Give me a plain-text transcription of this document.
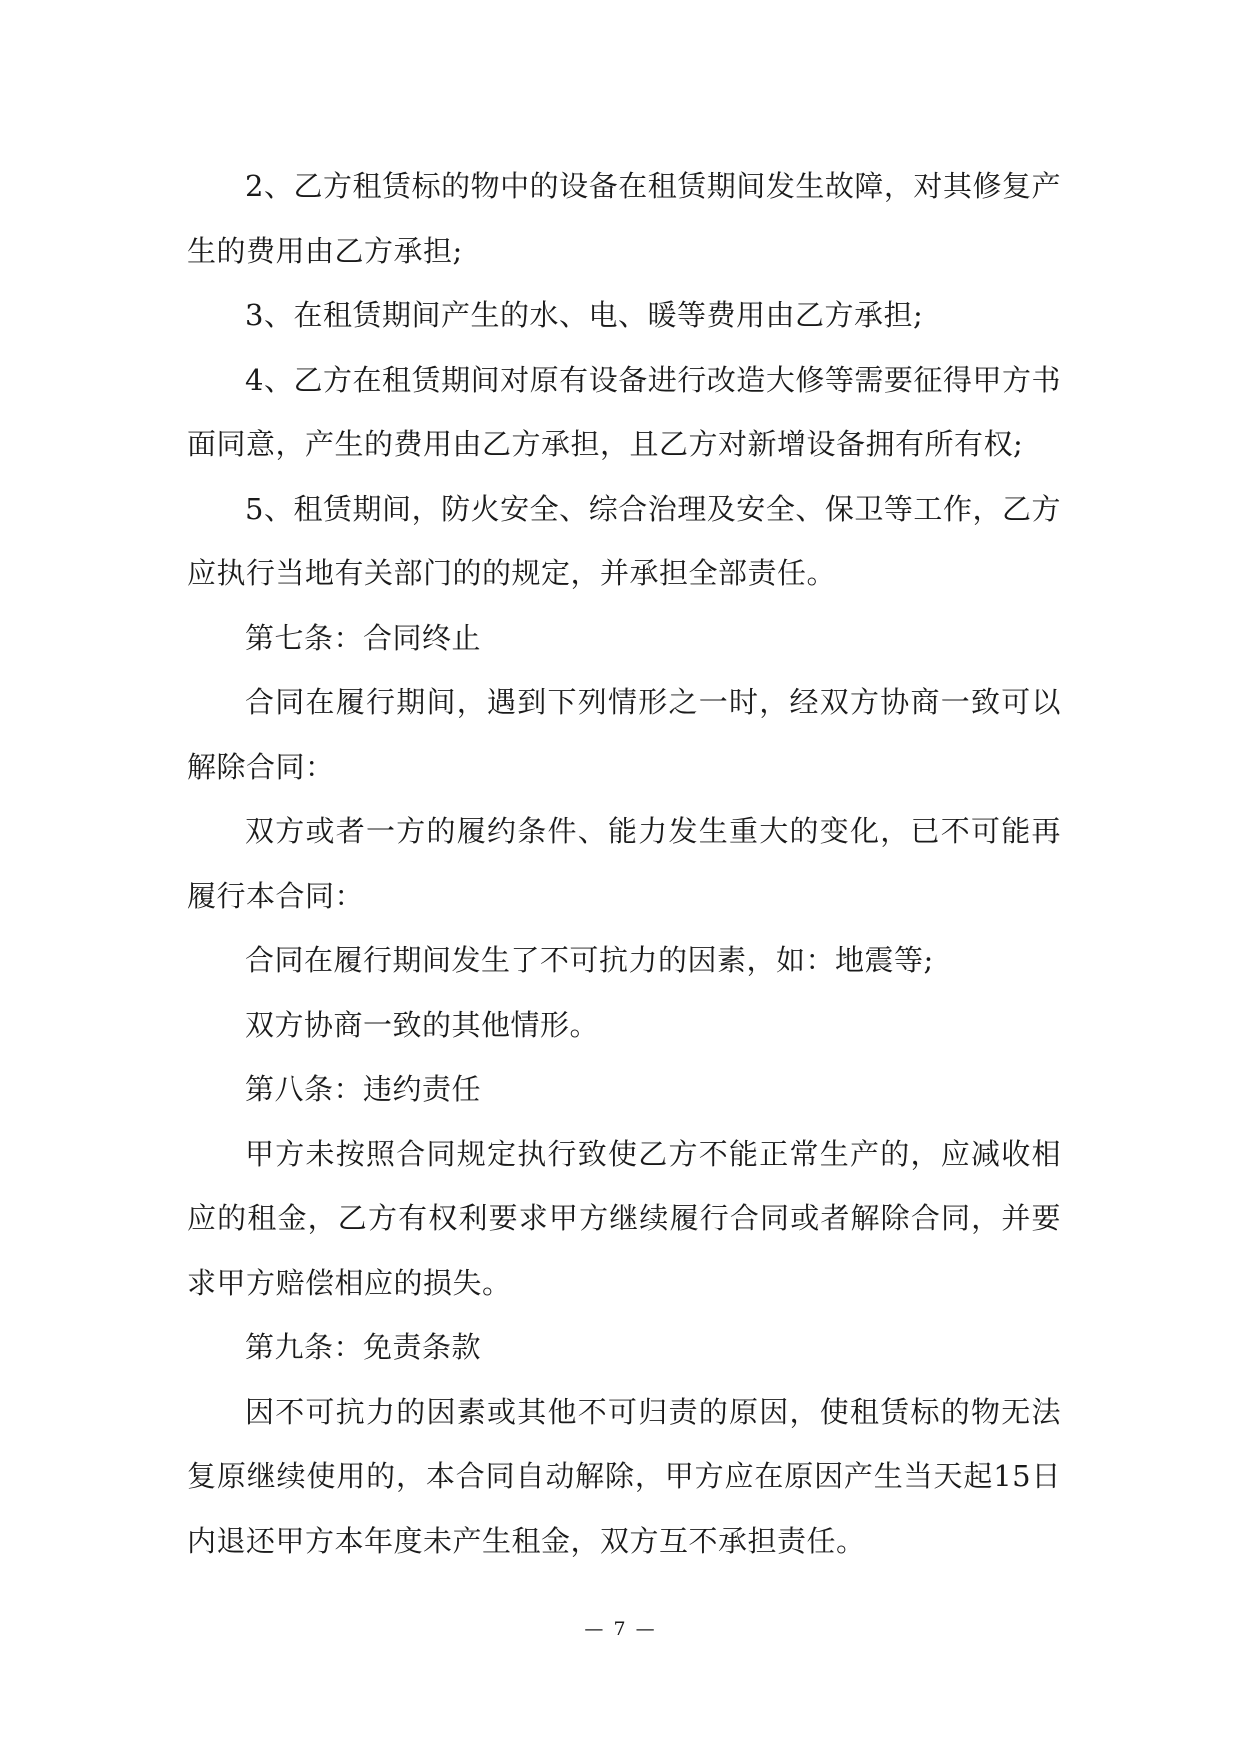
2、乙方租赁标的物中的设备在租赁期间发生故障，对其修复产生的费用由乙方承担;

3、在租赁期间产生的水、电、暖等费用由乙方承担;

4、乙方在租赁期间对原有设备进行改造大修等需要征得甲方书面同意，产生的费用由乙方承担，且乙方对新增设备拥有所有权;

5、租赁期间，防火安全、综合治理及安全、保卫等工作，乙方应执行当地有关部门的的规定，并承担全部责任。

第七条：合同终止

合同在履行期间，遇到下列情形之一时，经双方协商一致可以解除合同：

双方或者一方的履约条件、能力发生重大的变化，已不可能再履行本合同：

合同在履行期间发生了不可抗力的因素，如：地震等;

双方协商一致的其他情形。

第八条：违约责任

甲方未按照合同规定执行致使乙方不能正常生产的，应减收相应的租金，乙方有权利要求甲方继续履行合同或者解除合同，并要求甲方赔偿相应的损失。

第九条：免责条款

因不可抗力的因素或其他不可归责的原因，使租赁标的物无法复原继续使用的，本合同自动解除，甲方应在原因产生当天起15日内退还甲方本年度未产生租金，双方互不承担责任。

— 7 —
